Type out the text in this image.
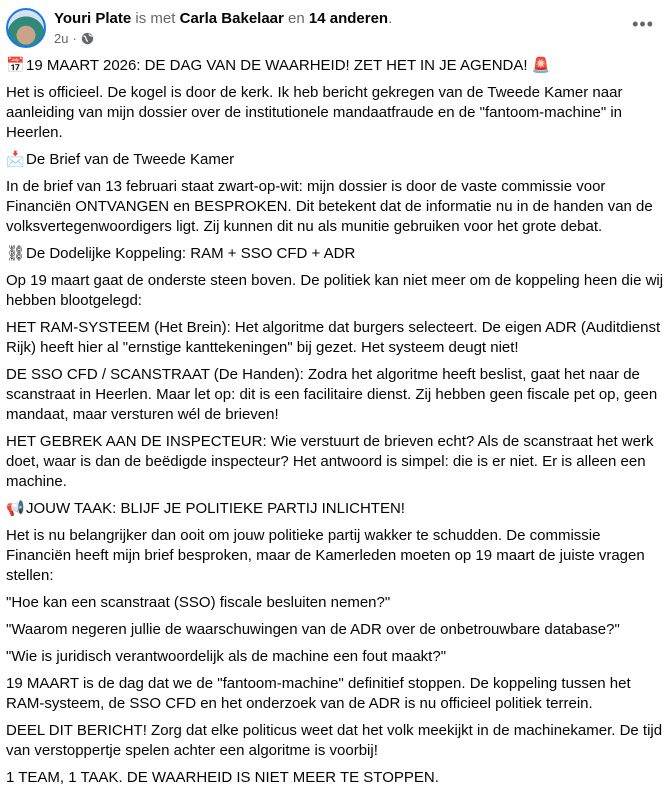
Youri Plate is met Carla Bakelaar en 14 anderen.
2u ·
•••

📅19 MAART 2026: DE DAG VAN DE WAARHEID! ZET HET IN JE AGENDA! 🚨

Het is officieel. De kogel is door de kerk. Ik heb bericht gekregen van de Tweede Kamer naar aanleiding van mijn dossier over de institutionele mandaatfraude en de "fantoom-machine" in Heerlen.

📩De Brief van de Tweede Kamer

In de brief van 13 februari staat zwart-op-wit: mijn dossier is door de vaste commissie voor Financiën ONTVANGEN en BESPROKEN. Dit betekent dat de informatie nu in de handen van de volksvertegenwoordigers ligt. Zij kunnen dit nu als munitie gebruiken voor het grote debat.

⛓De Dodelijke Koppeling: RAM + SSO CFD + ADR

Op 19 maart gaat de onderste steen boven. De politiek kan niet meer om de koppeling heen die wij hebben blootgelegd:

HET RAM-SYSTEEM (Het Brein): Het algoritme dat burgers selecteert. De eigen ADR (Auditdienst Rijk) heeft hier al "ernstige kanttekeningen" bij gezet. Het systeem deugt niet!

DE SSO CFD / SCANSTRAAT (De Handen): Zodra het algoritme heeft beslist, gaat het naar de scanstraat in Heerlen. Maar let op: dit is een facilitaire dienst. Zij hebben geen fiscale pet op, geen mandaat, maar versturen wél de brieven!

HET GEBREK AAN DE INSPECTEUR: Wie verstuurt de brieven echt? Als de scanstraat het werk doet, waar is dan de beëdigde inspecteur? Het antwoord is simpel: die is er niet. Er is alleen een machine.

📢JOUW TAAK: BLIJF JE POLITIEKE PARTIJ INLICHTEN!

Het is nu belangrijker dan ooit om jouw politieke partij wakker te schudden. De commissie Financiën heeft mijn brief besproken, maar de Kamerleden moeten op 19 maart de juiste vragen stellen:

"Hoe kan een scanstraat (SSO) fiscale besluiten nemen?"

"Waarom negeren jullie de waarschuwingen van de ADR over de onbetrouwbare database?"

"Wie is juridisch verantwoordelijk als de machine een fout maakt?"

19 MAART is de dag dat we de "fantoom-machine" definitief stoppen. De koppeling tussen het RAM-systeem, de SSO CFD en het onderzoek van de ADR is nu officieel politiek terrein.

DEEL DIT BERICHT! Zorg dat elke politicus weet dat het volk meekijkt in de machinekamer. De tijd van verstoppertje spelen achter een algoritme is voorbij!

1 TEAM, 1 TAAK. DE WAARHEID IS NIET MEER TE STOPPEN.
